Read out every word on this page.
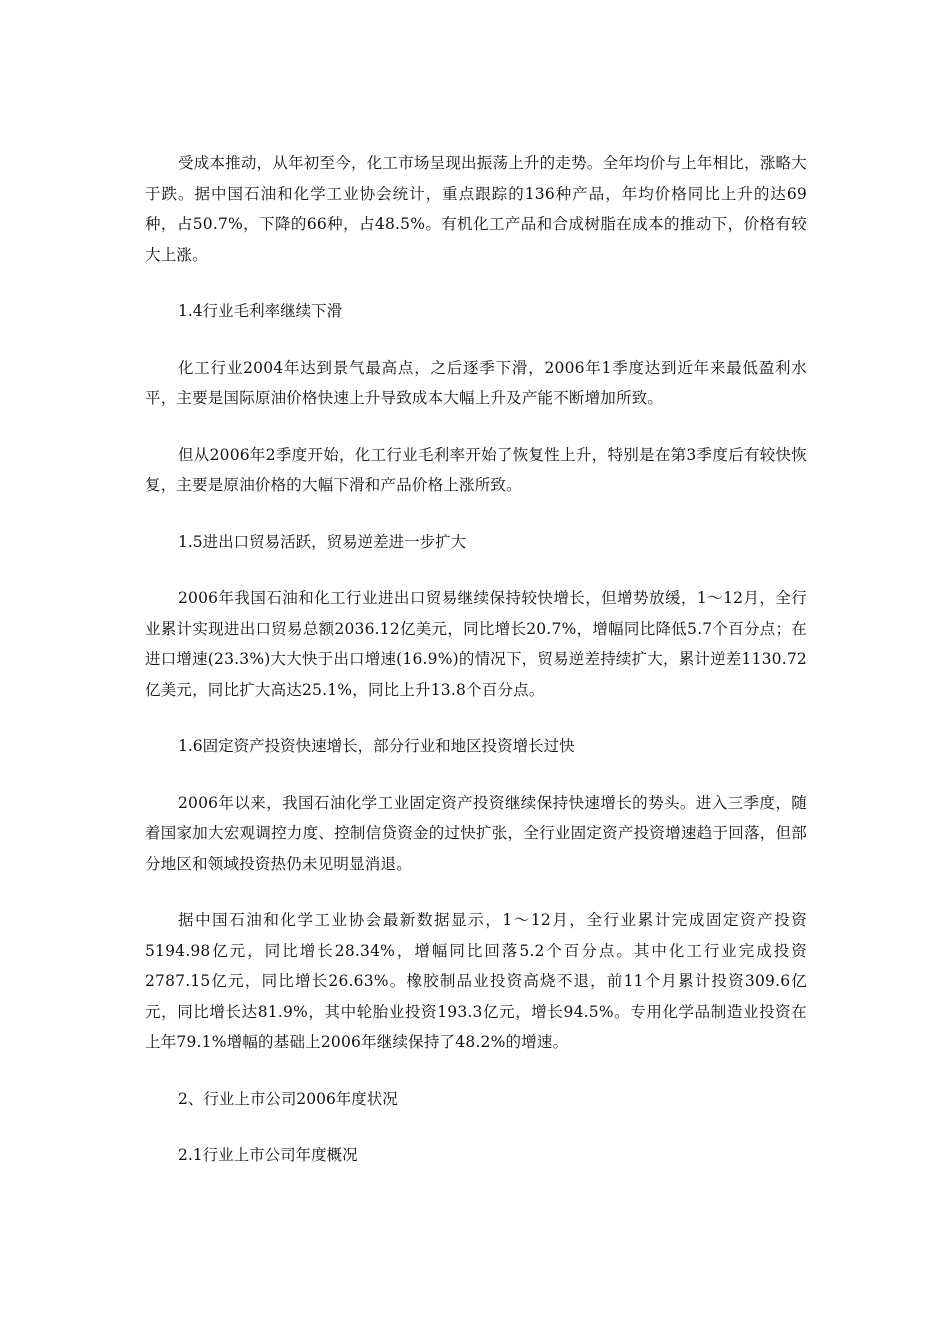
受成本推动，从年初至今，化工市场呈现出振荡上升的走势。全年均价与上年相比，涨略大于跌。据中国石油和化学工业协会统计，重点跟踪的136种产品，年均价格同比上升的达69种，占50.7%，下降的66种，占48.5%。有机化工产品和合成树脂在成本的推动下，价格有较大上涨。

1.4行业毛利率继续下滑

化工行业2004年达到景气最高点，之后逐季下滑，2006年1季度达到近年来最低盈利水平，主要是国际原油价格快速上升导致成本大幅上升及产能不断增加所致。

但从2006年2季度开始，化工行业毛利率开始了恢复性上升，特别是在第3季度后有较快恢复，主要是原油价格的大幅下滑和产品价格上涨所致。

1.5进出口贸易活跃，贸易逆差进一步扩大

2006年我国石油和化工行业进出口贸易继续保持较快增长，但增势放缓，1～12月，全行业累计实现进出口贸易总额2036.12亿美元，同比增长20.7%，增幅同比降低5.7个百分点；在进口增速(23.3%)大大快于出口增速(16.9%)的情况下，贸易逆差持续扩大，累计逆差1130.72亿美元，同比扩大高达25.1%，同比上升13.8个百分点。

1.6固定资产投资快速增长，部分行业和地区投资增长过快

2006年以来，我国石油化学工业固定资产投资继续保持快速增长的势头。进入三季度，随着国家加大宏观调控力度、控制信贷资金的过快扩张，全行业固定资产投资增速趋于回落，但部分地区和领域投资热仍未见明显消退。

据中国石油和化学工业协会最新数据显示，1～12月，全行业累计完成固定资产投资5194.98亿元，同比增长28.34%，增幅同比回落5.2个百分点。其中化工行业完成投资2787.15亿元，同比增长26.63%。橡胶制品业投资高烧不退，前11个月累计投资309.6亿元，同比增长达81.9%，其中轮胎业投资193.3亿元，增长94.5%。专用化学品制造业投资在上年79.1%增幅的基础上2006年继续保持了48.2%的增速。

2、行业上市公司2006年度状况

2.1行业上市公司年度概况
